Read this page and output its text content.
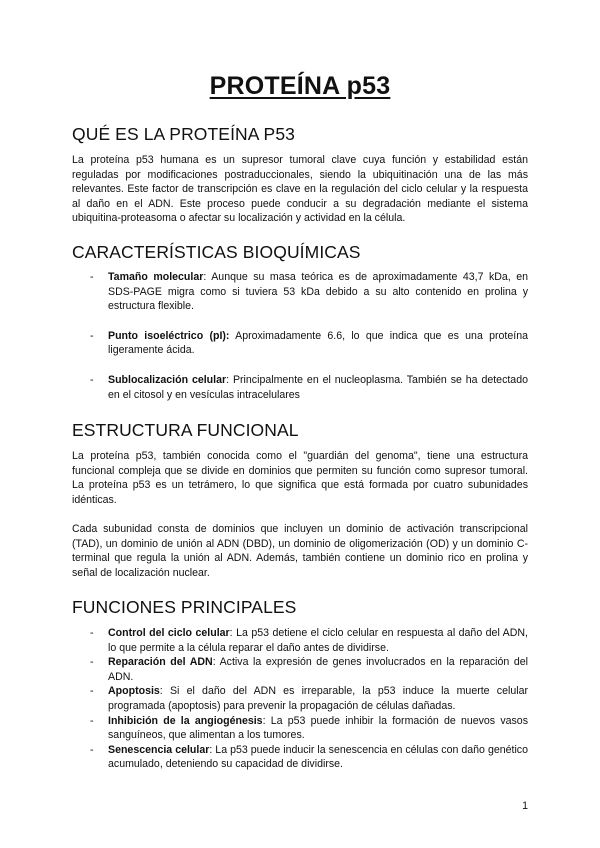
PROTEÍNA p53
QUÉ ES LA PROTEÍNA P53

La proteína p53 humana es un supresor tumoral clave cuya función y estabilidad están reguladas por modificaciones postraduccionales, siendo la ubiquitinación una de las más relevantes. Este factor de transcripción es clave en la regulación del ciclo celular y la respuesta al daño en el ADN. Este proceso puede conducir a su degradación mediante el sistema ubiquitina-proteasoma o afectar su localización y actividad en la célula.

CARACTERÍSTICAS BIOQUÍMICAS
- Tamaño molecular: Aunque su masa teórica es de aproximadamente 43,7 kDa, en SDS-PAGE migra como si tuviera 53 kDa debido a su alto contenido en prolina y estructura flexible.
- Punto isoeléctrico (pI): Aproximadamente 6.6, lo que indica que es una proteína ligeramente ácida.
- Sublocalización celular: Principalmente en el nucleoplasma. También se ha detectado en el citosol y en vesículas intracelulares
ESTRUCTURA FUNCIONAL

La proteína p53, también conocida como el "guardián del genoma", tiene una estructura funcional compleja que se divide en dominios que permiten su función como supresor tumoral. La proteína p53 es un tetrámero, lo que significa que está formada por cuatro subunidades idénticas.

Cada subunidad consta de dominios que incluyen un dominio de activación transcripcional (TAD), un dominio de unión al ADN (DBD), un dominio de oligomerización (OD) y un dominio C-terminal que regula la unión al ADN. Además, también contiene un dominio rico en prolina y señal de localización nuclear.

FUNCIONES PRINCIPALES
- Control del ciclo celular: La p53 detiene el ciclo celular en respuesta al daño del ADN, lo que permite a la célula reparar el daño antes de dividirse.
- Reparación del ADN: Activa la expresión de genes involucrados en la reparación del ADN.
- Apoptosis: Si el daño del ADN es irreparable, la p53 induce la muerte celular programada (apoptosis) para prevenir la propagación de células dañadas.
- Inhibición de la angiogénesis: La p53 puede inhibir la formación de nuevos vasos sanguíneos, que alimentan a los tumores.
- Senescencia celular: La p53 puede inducir la senescencia en células con daño genético acumulado, deteniendo su capacidad de dividirse.
1
